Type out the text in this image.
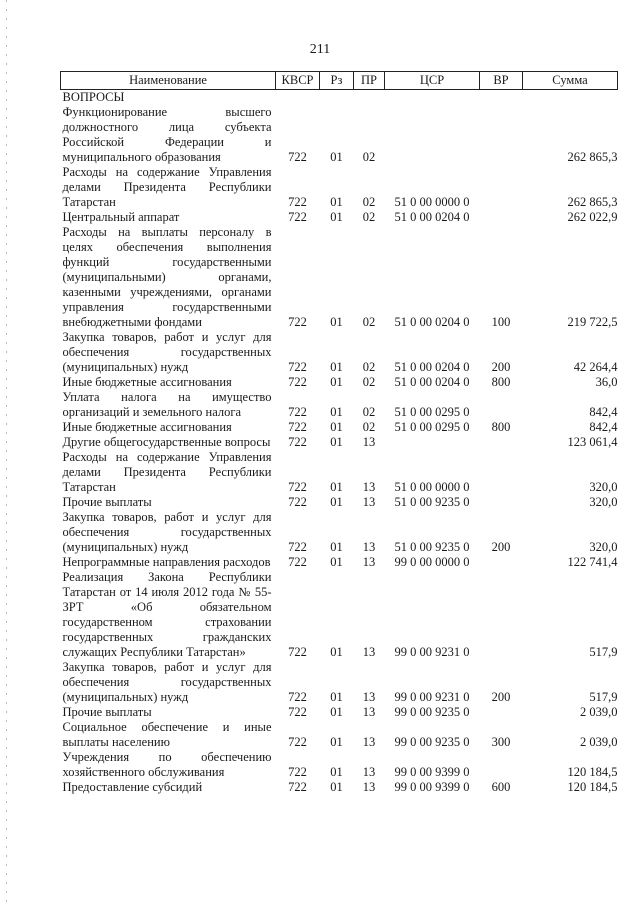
211
Наименование	КВСР	Рз	ПР	ЦСР	ВР	Сумма
ВОПРОСЫ						
Функционирование высшего должностного лица субъекта Российской Федерации и муниципального образования	722	01	02			262 865,3
Расходы на содержание Управления делами Президента Республики Татарстан	722	01	02	51 0 00 0000 0		262 865,3
Центральный аппарат	722	01	02	51 0 00 0204 0		262 022,9
Расходы на выплаты персоналу в целях обеспечения выполнения функций государственными (муниципальными) органами, казенными учреждениями, органами управления государственными внебюджетными фондами	722	01	02	51 0 00 0204 0	100	219 722,5
Закупка товаров, работ и услуг для обеспечения государственных (муниципальных) нужд	722	01	02	51 0 00 0204 0	200	42 264,4
Иные бюджетные ассигнования	722	01	02	51 0 00 0204 0	800	36,0
Уплата налога на имущество организаций и земельного налога	722	01	02	51 0 00 0295 0		842,4
Иные бюджетные ассигнования	722	01	02	51 0 00 0295 0	800	842,4
Другие общегосударственные вопросы	722	01	13			123 061,4
Расходы на содержание Управления делами Президента Республики Татарстан	722	01	13	51 0 00 0000 0		320,0
Прочие выплаты	722	01	13	51 0 00 9235 0		320,0
Закупка товаров, работ и услуг для обеспечения государственных (муниципальных) нужд	722	01	13	51 0 00 9235 0	200	320,0
Непрограммные направления расходов	722	01	13	99 0 00 0000 0		122 741,4
Реализация Закона Республики Татарстан от 14 июля 2012 года № 55-ЗРТ «Об обязательном государственном страховании государственных гражданских служащих Республики Татарстан»	722	01	13	99 0 00 9231 0		517,9
Закупка товаров, работ и услуг для обеспечения государственных (муниципальных) нужд	722	01	13	99 0 00 9231 0	200	517,9
Прочие выплаты	722	01	13	99 0 00 9235 0		2 039,0
Социальное обеспечение и иные выплаты населению	722	01	13	99 0 00 9235 0	300	2 039,0
Учреждения по обеспечению хозяйственного обслуживания	722	01	13	99 0 00 9399 0		120 184,5
Предоставление субсидий	722	01	13	99 0 00 9399 0	600	120 184,5
